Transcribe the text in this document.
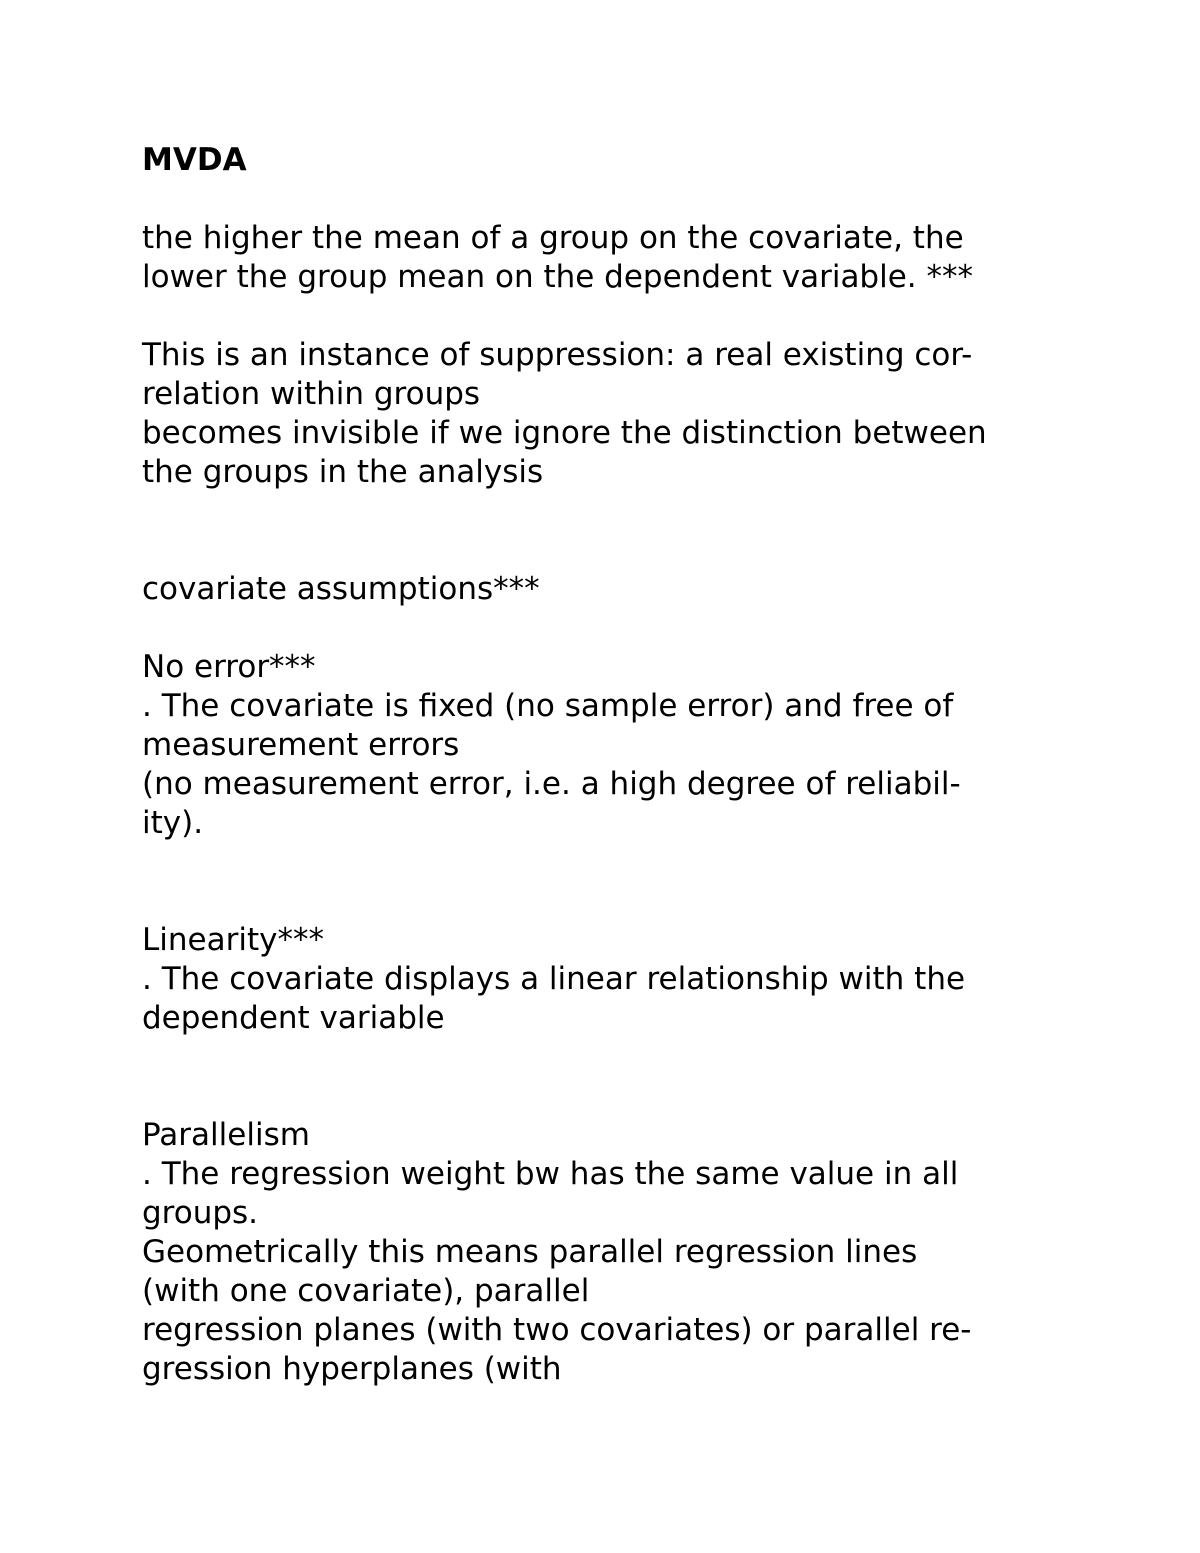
MVDA
the higher the mean of a group on the covariate, the
lower the group mean on the dependent variable. ***
This is an instance of suppression: a real existing cor-
relation within groups
becomes invisible if we ignore the distinction between
the groups in the analysis
covariate assumptions***
No error***
. The covariate is fixed (no sample error) and free of
measurement errors
(no measurement error, i.e. a high degree of reliabil-
ity).
Linearity***
. The covariate displays a linear relationship with the
dependent variable
Parallelism
. The regression weight bw has the same value in all
groups.
Geometrically this means parallel regression lines
(with one covariate), parallel
regression planes (with two covariates) or parallel re-
gression hyperplanes (with
